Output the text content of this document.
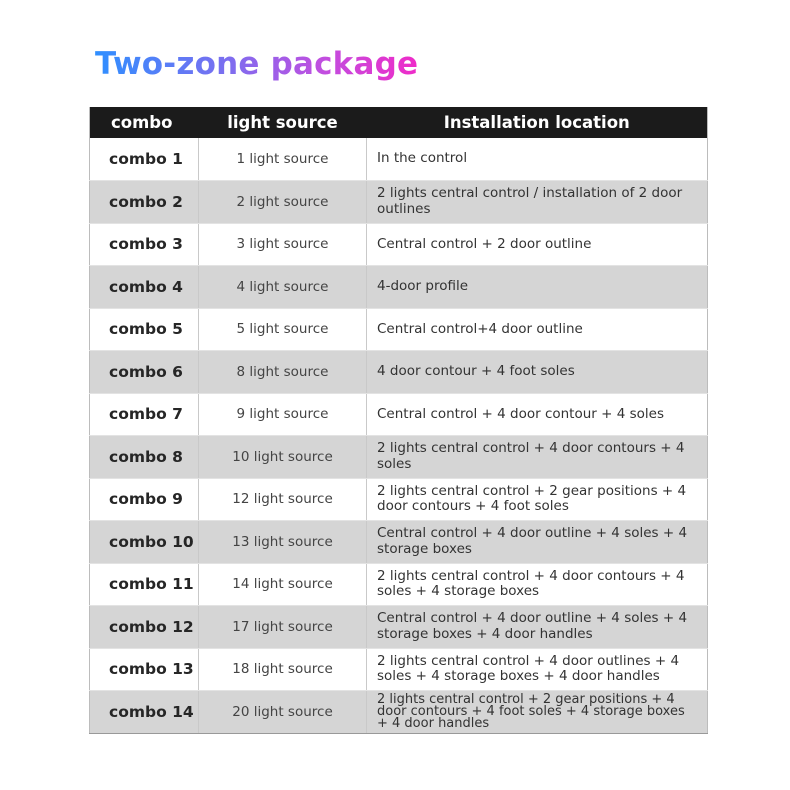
Two-zone package
combo	light source	Installation location
combo 1	1 light source	In the control
combo 2	2 light source	2 lights central control / installation of 2 door outlines
combo 3	3 light source	Central control + 2 door outline
combo 4	4 light source	4-door profile
combo 5	5 light source	Central control+4 door outline
combo 6	8 light source	4 door contour + 4 foot soles
combo 7	9 light source	Central control + 4 door contour + 4 soles
combo 8	10 light source	2 lights central control + 4 door contours + 4 soles
combo 9	12 light source	2 lights central control + 2 gear positions + 4 door contours + 4 foot soles
combo 10	13 light source	Central control + 4 door outline + 4 soles + 4 storage boxes
combo 11	14 light source	2 lights central control + 4 door contours + 4 soles + 4 storage boxes
combo 12	17 light source	Central control + 4 door outline + 4 soles + 4 storage boxes + 4 door handles
combo 13	18 light source	2 lights central control + 4 door outlines + 4 soles + 4 storage boxes + 4 door handles
combo 14	20 light source	2 lights central control + 2 gear positions + 4 door contours + 4 foot soles + 4 storage boxes + 4 door handles
